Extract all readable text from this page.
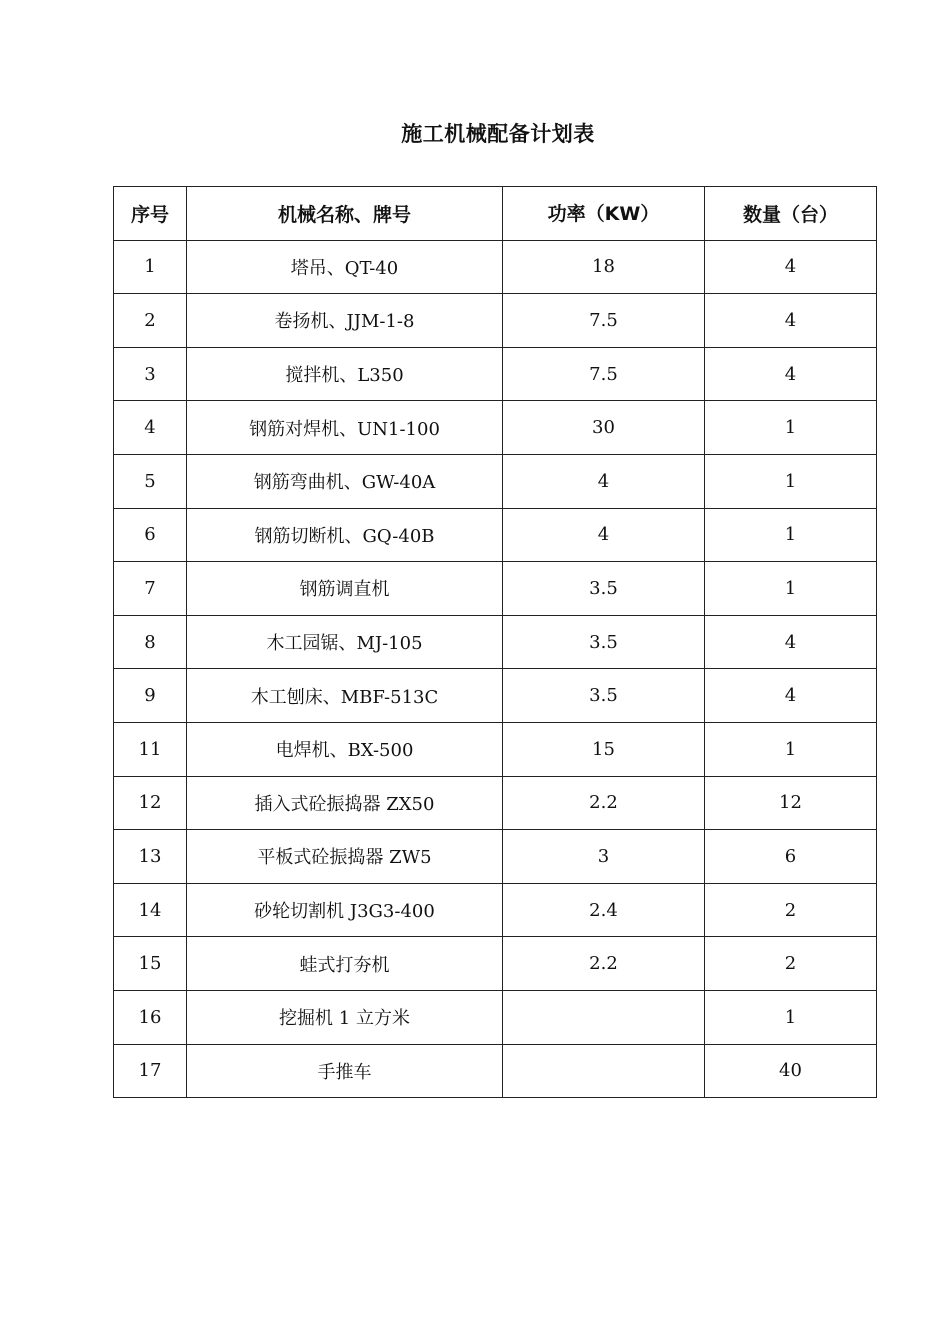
施工机械配备计划表
序号	机械名称、牌号	功率（KW）	数量（台）
1	塔吊、QT-40	18	4
2	卷扬机、JJM-1-8	7.5	4
3	搅拌机、L350	7.5	4
4	钢筋对焊机、UN1-100	30	1
5	钢筋弯曲机、GW-40A	4	1
6	钢筋切断机、GQ-40B	4	1
7	钢筋调直机	3.5	1
8	木工园锯、MJ-105	3.5	4
9	木工刨床、MBF-513C	3.5	4
11	电焊机、BX-500	15	1
12	插入式砼振捣器 ZX50	2.2	12
13	平板式砼振捣器 ZW5	3	6
14	砂轮切割机 J3G3-400	2.4	2
15	蛙式打夯机	2.2	2
16	挖掘机 1 立方米		1
17	手推车		40
